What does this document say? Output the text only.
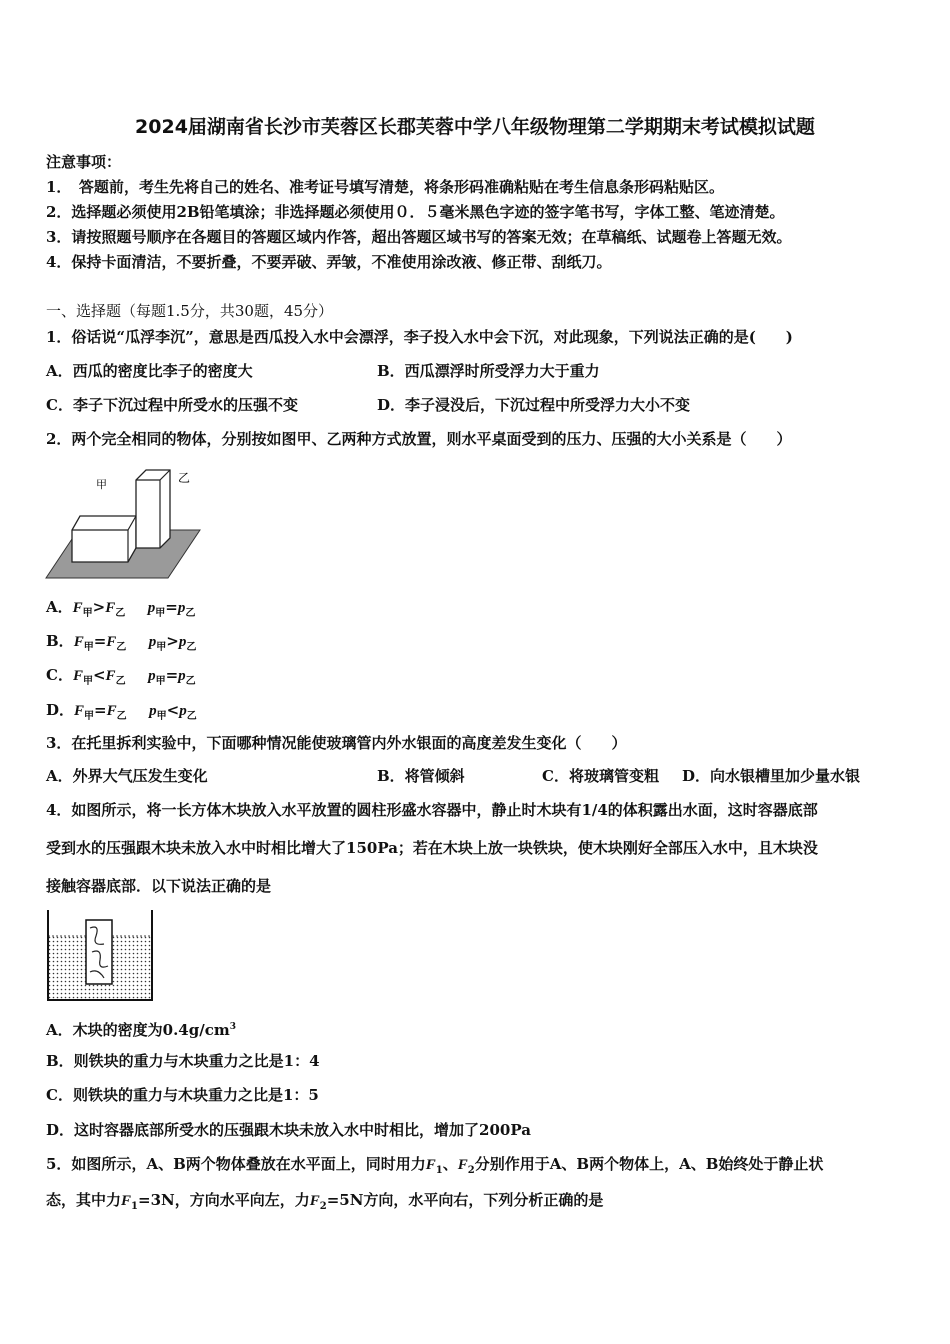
2024届湖南省长沙市芙蓉区长郡芙蓉中学八年级物理第二学期期末考试模拟试题
注意事项：
1．　答题前，考生先将自己的姓名、准考证号填写清楚，将条形码准确粘贴在考生信息条形码粘贴区。
2．选择题必须使用2B铅笔填涂；非选择题必须使用０．５毫米黑色字迹的签字笔书写，字体工整、笔迹清楚。
3．请按照题号顺序在各题目的答题区域内作答，超出答题区域书写的答案无效；在草稿纸、试题卷上答题无效。
4．保持卡面清洁，不要折叠，不要弄破、弄皱，不准使用涂改液、修正带、刮纸刀。
一、选择题（每题1.5分，共30题，45分）
1．俗话说“瓜浮李沉”，意思是西瓜投入水中会漂浮，李子投入水中会下沉，对此现象，下列说法正确的是(　　)
A．西瓜的密度比李子的密度大	B．西瓜漂浮时所受浮力大于重力
C．李子下沉过程中所受水的压强不变	D．李子浸没后，下沉过程中所受浮力大小不变
2．两个完全相同的物体，分别按如图甲、乙两种方式放置，则水平桌面受到的压力、压强的大小关系是（　　）
甲	乙
A．$F_甲>F_乙$   $p_甲=p_乙$
B．$F_甲=F_乙$   $p_甲>p_乙$
C．$F_甲<F_乙$   $p_甲=p_乙$
D．$F_甲=F_乙$   $p_甲<p_乙$
3．在托里拆利实验中，下面哪种情况能使玻璃管内外水银面的高度差发生变化（　　）
A．外界大气压发生变化	B．将管倾斜	C．将玻璃管变粗 D．向水银槽里加少量水银
4．如图所示，将一长方体木块放入水平放置的圆柱形盛水容器中，静止时木块有1/4的体积露出水面，这时容器底部
受到水的压强跟木块未放入水中时相比增大了150Pa；若在木块上放一块铁块，使木块刚好全部压入水中，且木块没
接触容器底部．以下说法正确的是
A．木块的密度为$0.4g/cm^3$
B．则铁块的重力与木块重力之比是1：4
C．则铁块的重力与木块重力之比是1：5
D．这时容器底部所受水的压强跟木块未放入水中时相比，增加了200Pa
5．如图所示，A、B两个物体叠放在水平面上，同时用力$F_1$、$F_2$分别作用于A、B两个物体上，A、B始终处于静止状
态，其中力$F_1=3N$，方向水平向左，力$F_2=5N$方向，水平向右，下列分析正确的是
